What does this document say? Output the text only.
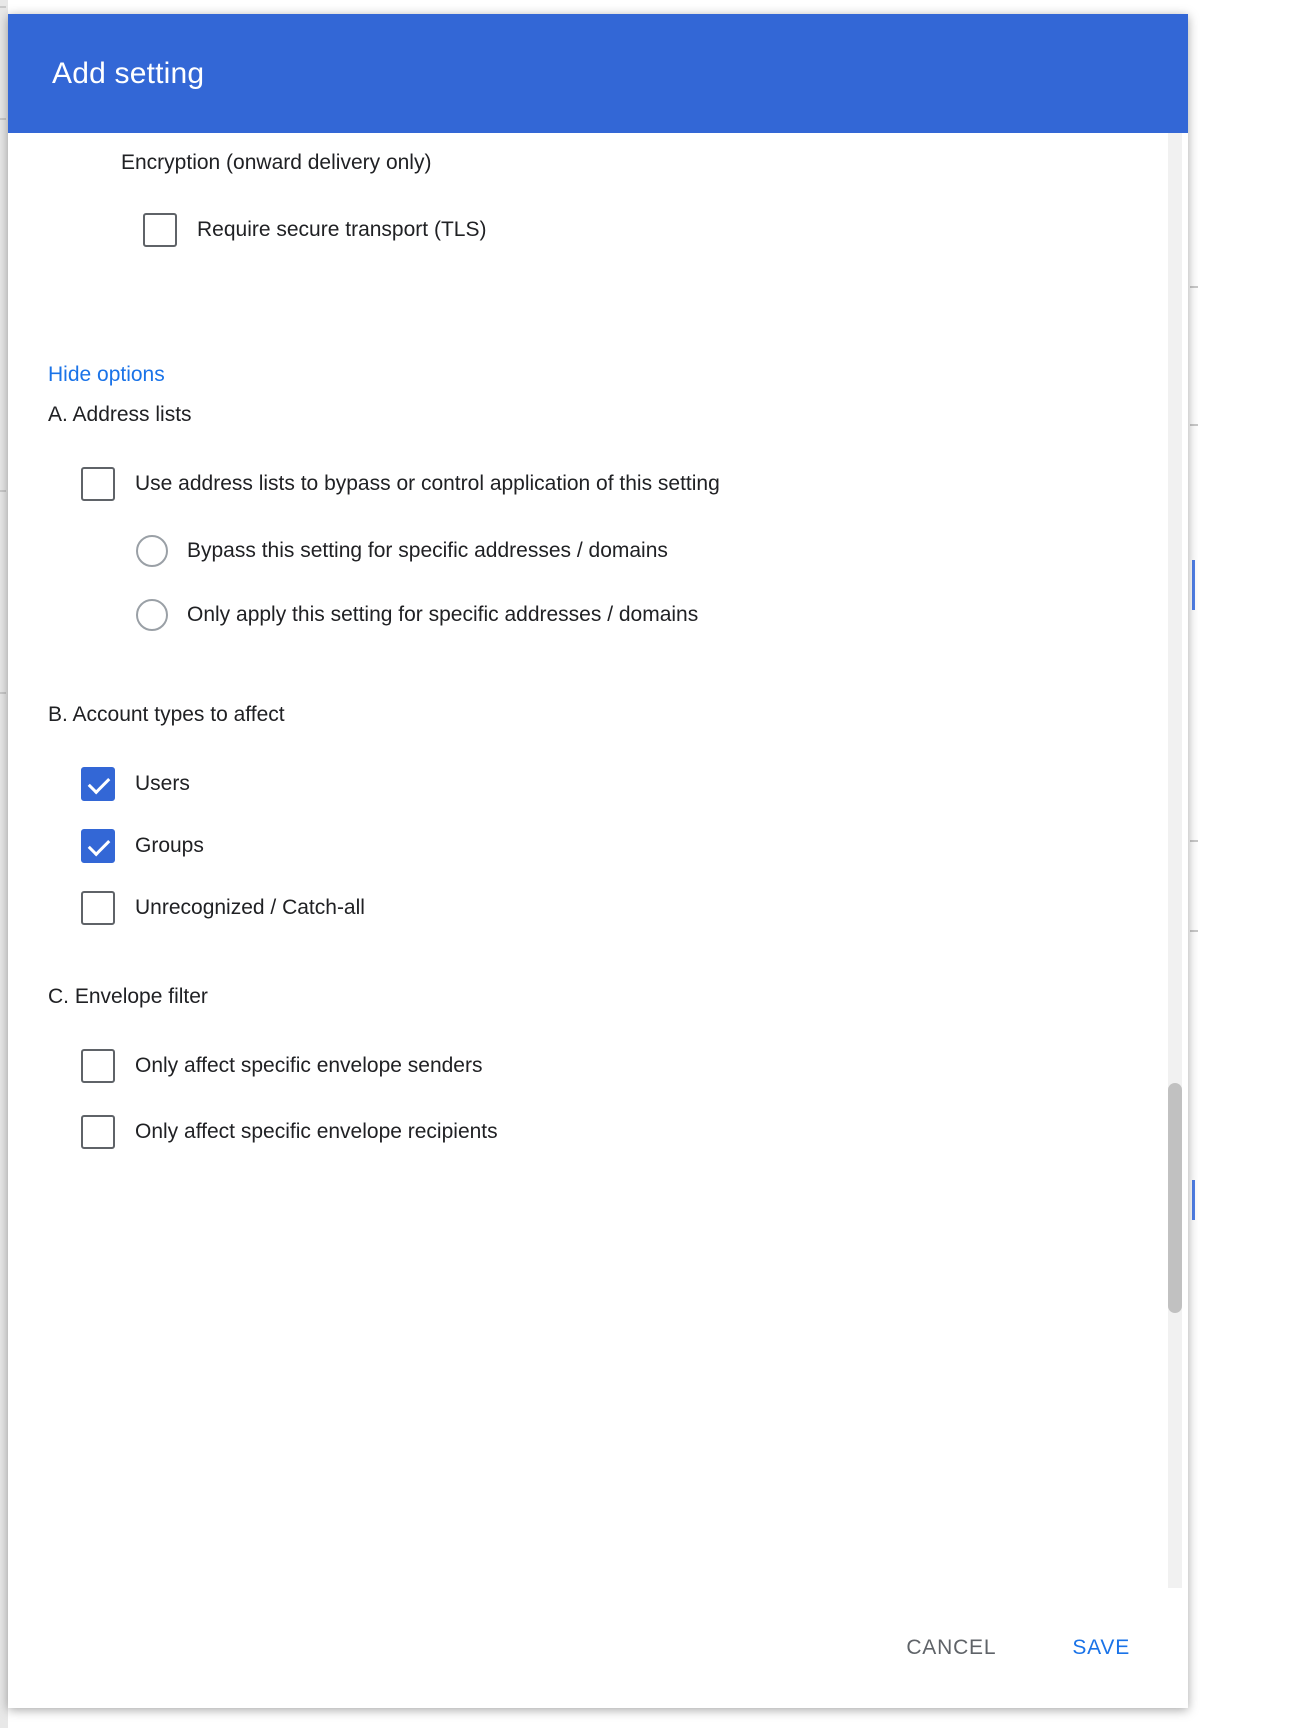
Add setting
Encryption (onward delivery only)
Require secure transport (TLS)
Hide options
A. Address lists
Use address lists to bypass or control application of this setting
Bypass this setting for specific addresses / domains
Only apply this setting for specific addresses / domains
B. Account types to affect
Users
Groups
Unrecognized / Catch-all
C. Envelope filter
Only affect specific envelope senders
Only affect specific envelope recipients
CANCEL	SAVE
